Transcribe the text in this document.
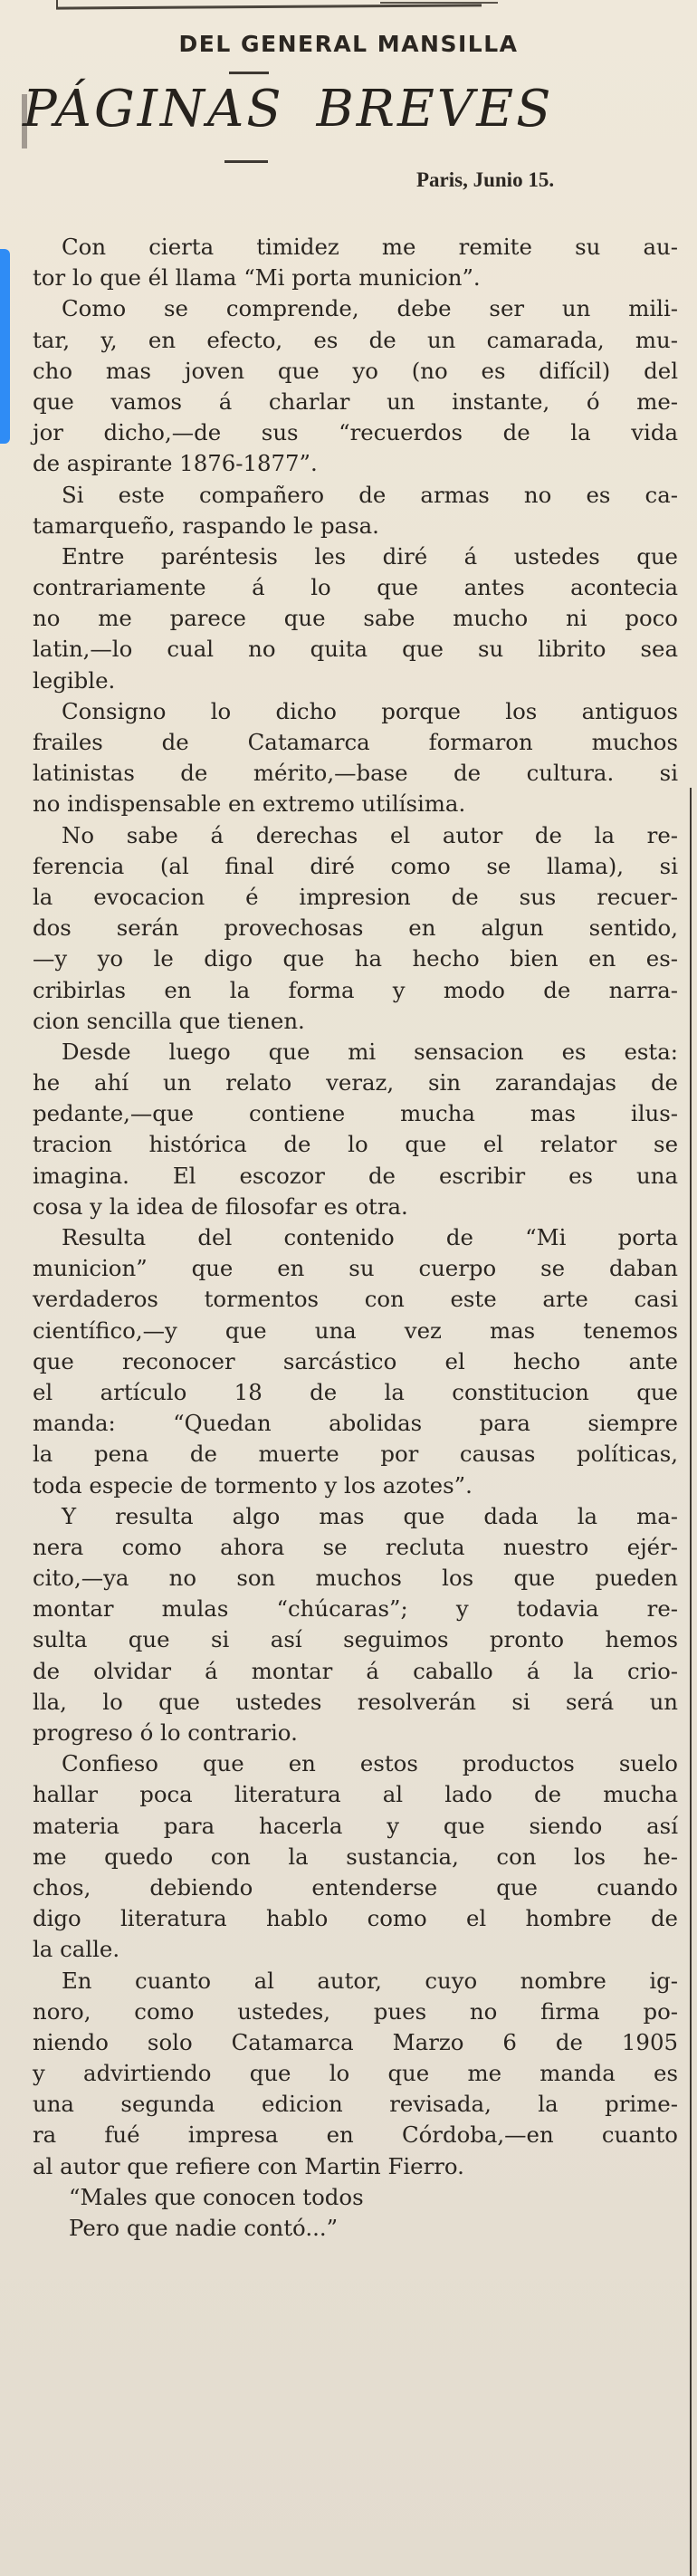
DEL GENERAL MANSILLA
PÁGINAS BREVES
Paris, Junio 15.
Con cierta timidez me remite su au-
tor lo que él llama “Mi porta municion”.
Como se comprende, debe ser un mili-
tar, y, en efecto, es de un camarada, mu-
cho mas joven que yo (no es difícil) del
que vamos á charlar un instante, ó me-
jor dicho,—de sus “recuerdos de la vida
de aspirante 1876-1877”.
Si este compañero de armas no es ca-
tamarqueño, raspando le pasa.
Entre paréntesis les diré á ustedes que
contrariamente á lo que antes acontecia
no me parece que sabe mucho ni poco
latin,—lo cual no quita que su librito sea
legible.
Consigno lo dicho porque los antiguos
frailes de Catamarca formaron muchos
latinistas de mérito,—base de cultura. si
no indispensable en extremo utilísima.
No sabe á derechas el autor de la re-
ferencia (al final diré como se llama), si
la evocacion é impresion de sus recuer-
dos serán provechosas en algun sentido,
—y yo le digo que ha hecho bien en es-
cribirlas en la forma y modo de narra-
cion sencilla que tienen.
Desde luego que mi sensacion es esta:
he ahí un relato veraz, sin zarandajas de
pedante,—que contiene mucha mas ilus-
tracion histórica de lo que el relator se
imagina. El escozor de escribir es una
cosa y la idea de filosofar es otra.
Resulta del contenido de “Mi porta
municion” que en su cuerpo se daban
verdaderos tormentos con este arte casi
científico,—y que una vez mas tenemos
que reconocer sarcástico el hecho ante
el artículo 18 de la constitucion que
manda: “Quedan abolidas para siempre
la pena de muerte por causas políticas,
toda especie de tormento y los azotes”.
Y resulta algo mas que dada la ma-
nera como ahora se recluta nuestro ejér-
cito,—ya no son muchos los que pueden
montar mulas “chúcaras”; y todavia re-
sulta que si así seguimos pronto hemos
de olvidar á montar á caballo á la crio-
lla, lo que ustedes resolverán si será un
progreso ó lo contrario.
Confieso que en estos productos suelo
hallar poca literatura al lado de mucha
materia para hacerla y que siendo así
me quedo con la sustancia, con los he-
chos, debiendo entenderse que cuando
digo literatura hablo como el hombre de
la calle.
En cuanto al autor, cuyo nombre ig-
noro, como ustedes, pues no firma po-
niendo solo Catamarca Marzo 6 de 1905
y advirtiendo que lo que me manda es
una segunda edicion revisada, la prime-
ra fué impresa en Córdoba,—en cuanto
al autor que refiere con Martin Fierro.
“Males que conocen todos
Pero que nadie contó...”
